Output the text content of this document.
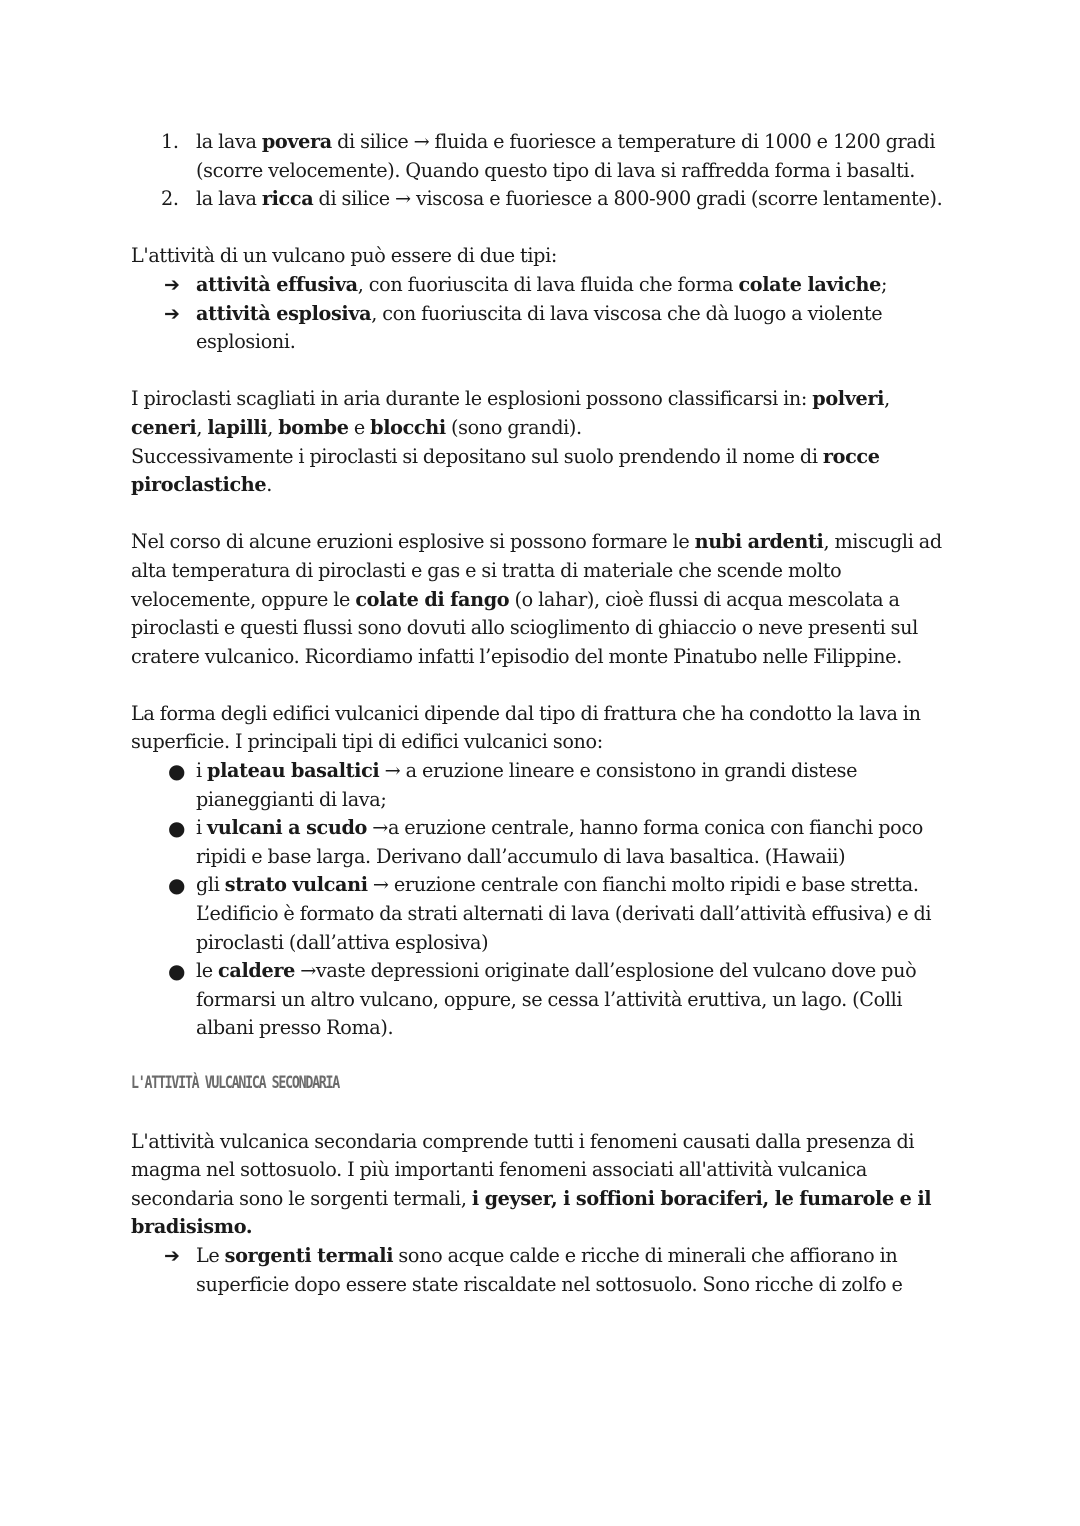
1. la lava povera di silice → fluida e fuoriesce a temperature di 1000 e 1200 gradi (scorre velocemente). Quando questo tipo di lava si raffredda forma i basalti.
2. la lava ricca di silice → viscosa e fuoriesce a 800-900 gradi (scorre lentamente).

L'attività di un vulcano può essere di due tipi:

➔ attività effusiva, con fuoriuscita di lava fluida che forma colate laviche;
➔ attività esplosiva, con fuoriuscita di lava viscosa che dà luogo a violente esplosioni.

I piroclasti scagliati in aria durante le esplosioni possono classificarsi in: polveri, ceneri, lapilli, bombe e blocchi (sono grandi).

Successivamente i piroclasti si depositano sul suolo prendendo il nome di rocce piroclastiche.

Nel corso di alcune eruzioni esplosive si possono formare le nubi ardenti, miscugli ad alta temperatura di piroclasti e gas e si tratta di materiale che scende molto velocemente, oppure le colate di fango (o lahar), cioè flussi di acqua mescolata a piroclasti e questi flussi sono dovuti allo scioglimento di ghiaccio o neve presenti sul cratere vulcanico. Ricordiamo infatti l’episodio del monte Pinatubo nelle Filippine.

La forma degli edifici vulcanici dipende dal tipo di frattura che ha condotto la lava in superficie. I principali tipi di edifici vulcanici sono:

● i plateau basaltici → a eruzione lineare e consistono in grandi distese pianeggianti di lava;
● i vulcani a scudo →a eruzione centrale, hanno forma conica con fianchi poco ripidi e base larga. Derivano dall’accumulo di lava basaltica. (Hawaii)
● gli strato vulcani → eruzione centrale con fianchi molto ripidi e base stretta. L’edificio è formato da strati alternati di lava (derivati dall’attività effusiva) e di piroclasti (dall’attiva esplosiva)
● le caldere →vaste depressioni originate dall’esplosione del vulcano dove può formarsi un altro vulcano, oppure, se cessa l’attività eruttiva, un lago. (Colli albani presso Roma).
L'ATTIVITÀ VULCANICA SECONDARIA

L'attività vulcanica secondaria comprende tutti i fenomeni causati dalla presenza di magma nel sottosuolo. I più importanti fenomeni associati all'attività vulcanica secondaria sono le sorgenti termali, i geyser, i soffioni boraciferi, le fumarole e il bradisismo.

➔ Le sorgenti termali sono acque calde e ricche di minerali che affiorano in superficie dopo essere state riscaldate nel sottosuolo. Sono ricche di zolfo e
